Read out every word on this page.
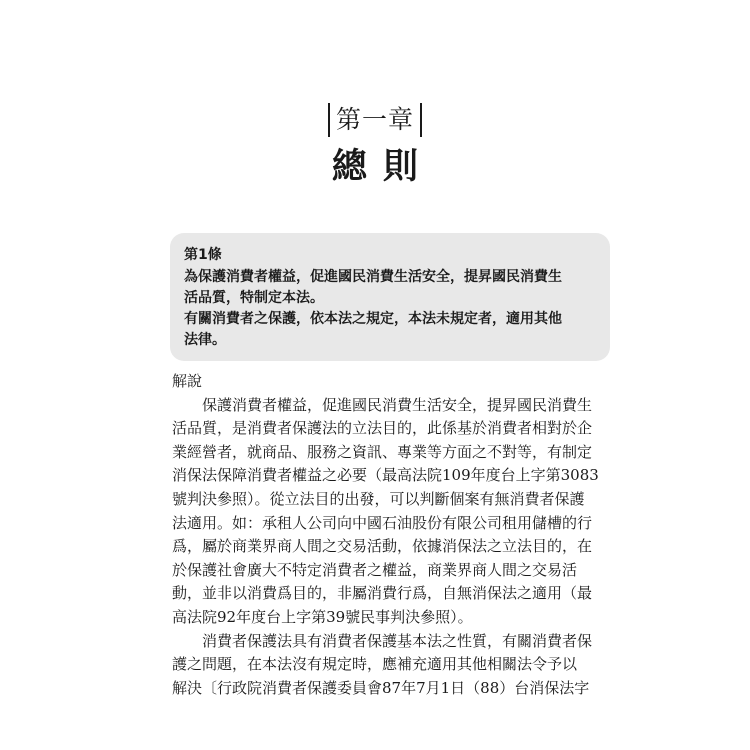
第一章
總則
第1條
為保護消費者權益，促進國民消費生活安全，提昇國民消費生
活品質，特制定本法。
有關消費者之保護，依本法之規定，本法未規定者，適用其他
法律。
解說
　　保護消費者權益，促進國民消費生活安全，提昇國民消費生
活品質，是消費者保護法的立法目的，此係基於消費者相對於企
業經營者，就商品、服務之資訊、專業等方面之不對等，有制定
消保法保障消費者權益之必要（最高法院109年度台上字第3083
號判決參照）。從立法目的出發，可以判斷個案有無消費者保護
法適用。如：承租人公司向中國石油股份有限公司租用儲槽的行
爲，屬於商業界商人間之交易活動，依據消保法之立法目的，在
於保護社會廣大不特定消費者之權益，商業界商人間之交易活
動，並非以消費爲目的，非屬消費行爲，自無消保法之適用（最
高法院92年度台上字第39號民事判決參照）。
　　消費者保護法具有消費者保護基本法之性質，有關消費者保
護之問題，在本法沒有規定時，應補充適用其他相關法令予以
解決〔行政院消費者保護委員會87年7月1日（88）台消保法字
